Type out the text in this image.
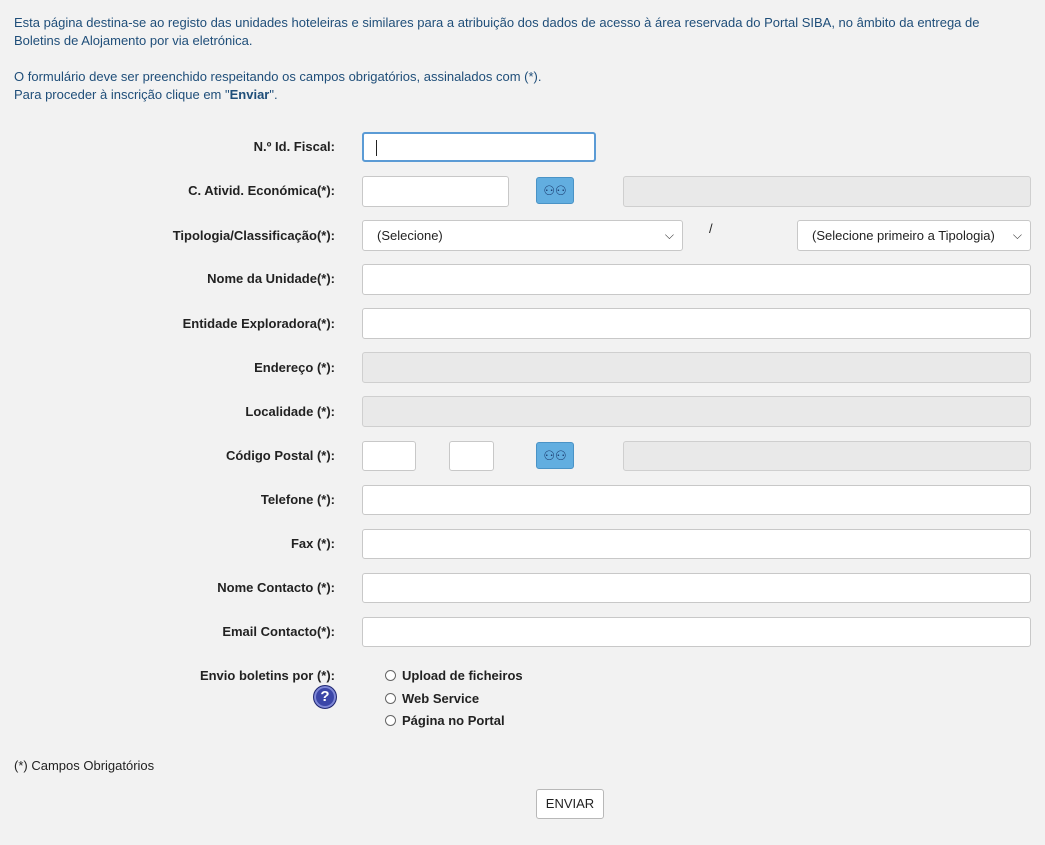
Esta página destina-se ao registo das unidades hoteleiras e similares para a atribuição dos dados de acesso à área reservada do Portal SIBA, no âmbito da entrega de Boletins de Alojamento por via eletrónica.

O formulário deve ser preenchido respeitando os campos obrigatórios, assinalados com (*).

Para proceder à inscrição clique em "Enviar".

N.º Id. Fiscal:
C. Ativid. Económica(*):	⚇⚇
Tipologia/Classificação(*):	(Selecione)	⌵	/	(Selecione primeiro a Tipologia) ⌵
Nome da Unidade(*):
Entidade Exploradora(*):
Endereço (*):
Localidade (*):
Código Postal (*):	⚇⚇
Telefone (*):
Fax (*):
Nome Contacto (*):
Email Contacto(*):
Envio boletins por (*):
?
Upload de ficheiros
Web Service
Página no Portal
(*) Campos Obrigatórios
ENVIAR
